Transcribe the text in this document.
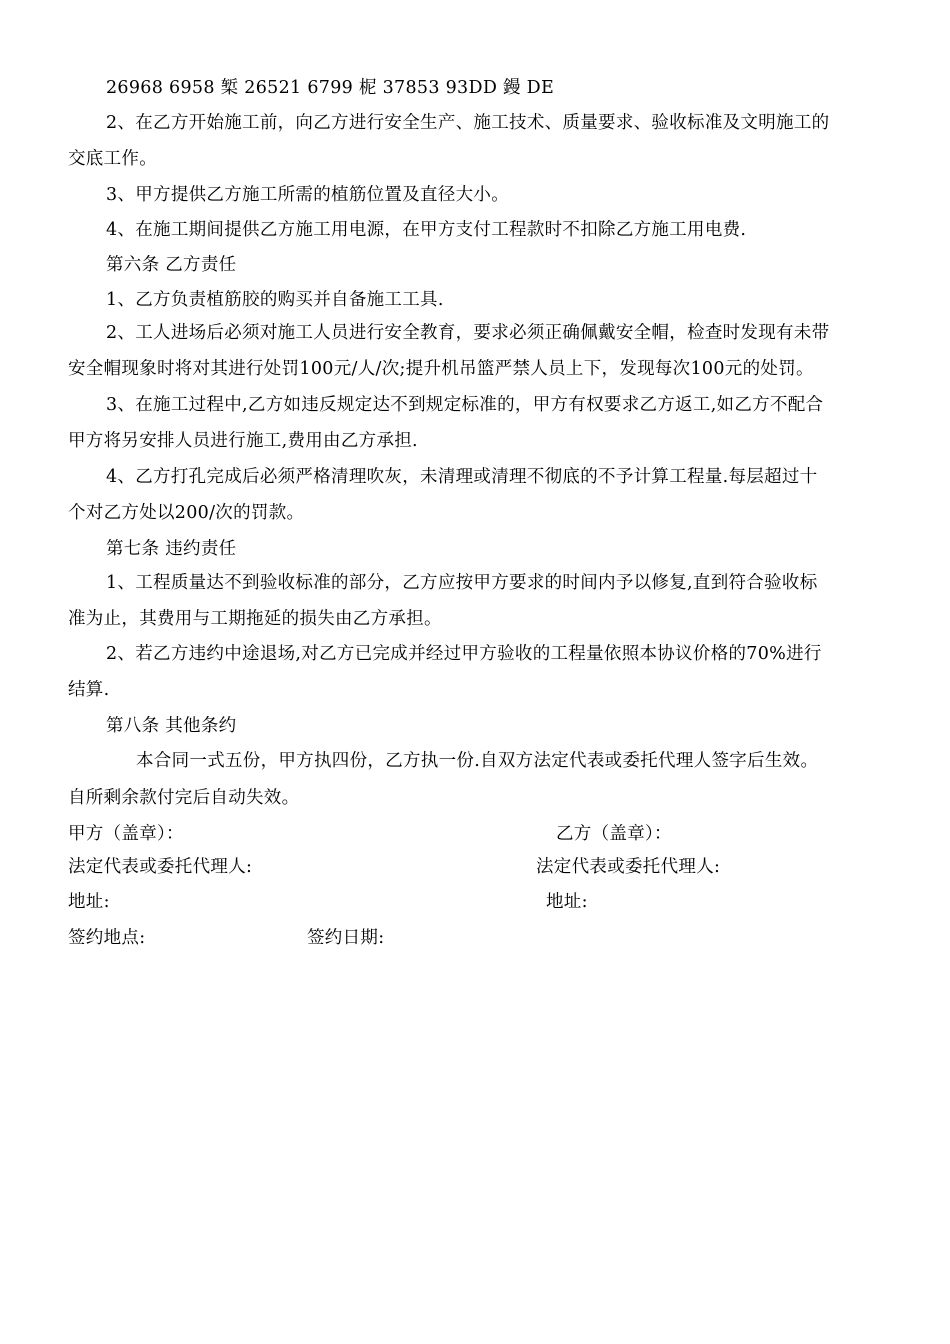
26968 6958 椠 26521 6799 柅 37853 93DD 鏝 DE
2、在乙方开始施工前，向乙方进行安全生产、施工技术、质量要求、验收标准及文明施工的
交底工作。
3、甲方提供乙方施工所需的植筋位置及直径大小。
4、在施工期间提供乙方施工用电源，在甲方支付工程款时不扣除乙方施工用电费.
第六条 乙方责任
1、乙方负责植筋胶的购买并自备施工工具.
2、工人进场后必须对施工人员进行安全教育，要求必须正确佩戴安全帽，检查时发现有未带
安全帽现象时将对其进行处罚100元/人/次;提升机吊篮严禁人员上下，发现每次100元的处罚。
3、在施工过程中,乙方如违反规定达不到规定标准的，甲方有权要求乙方返工,如乙方不配合
甲方将另安排人员进行施工,费用由乙方承担.
4、乙方打孔完成后必须严格清理吹灰，未清理或清理不彻底的不予计算工程量.每层超过十
个对乙方处以200/次的罚款。
第七条 违约责任
1、工程质量达不到验收标准的部分，乙方应按甲方要求的时间内予以修复,直到符合验收标
准为止，其费用与工期拖延的损失由乙方承担。
2、若乙方违约中途退场,对乙方已完成并经过甲方验收的工程量依照本协议价格的70%进行
结算.
第八条 其他条约
本合同一式五份，甲方执四份，乙方执一份.自双方法定代表或委托代理人签字后生效。
自所剩余款付完后自动失效。
甲方（盖章）：	乙方（盖章）：
法定代表或委托代理人:	法定代表或委托代理人:
地址:	地址:
签约地点:	签约日期:
